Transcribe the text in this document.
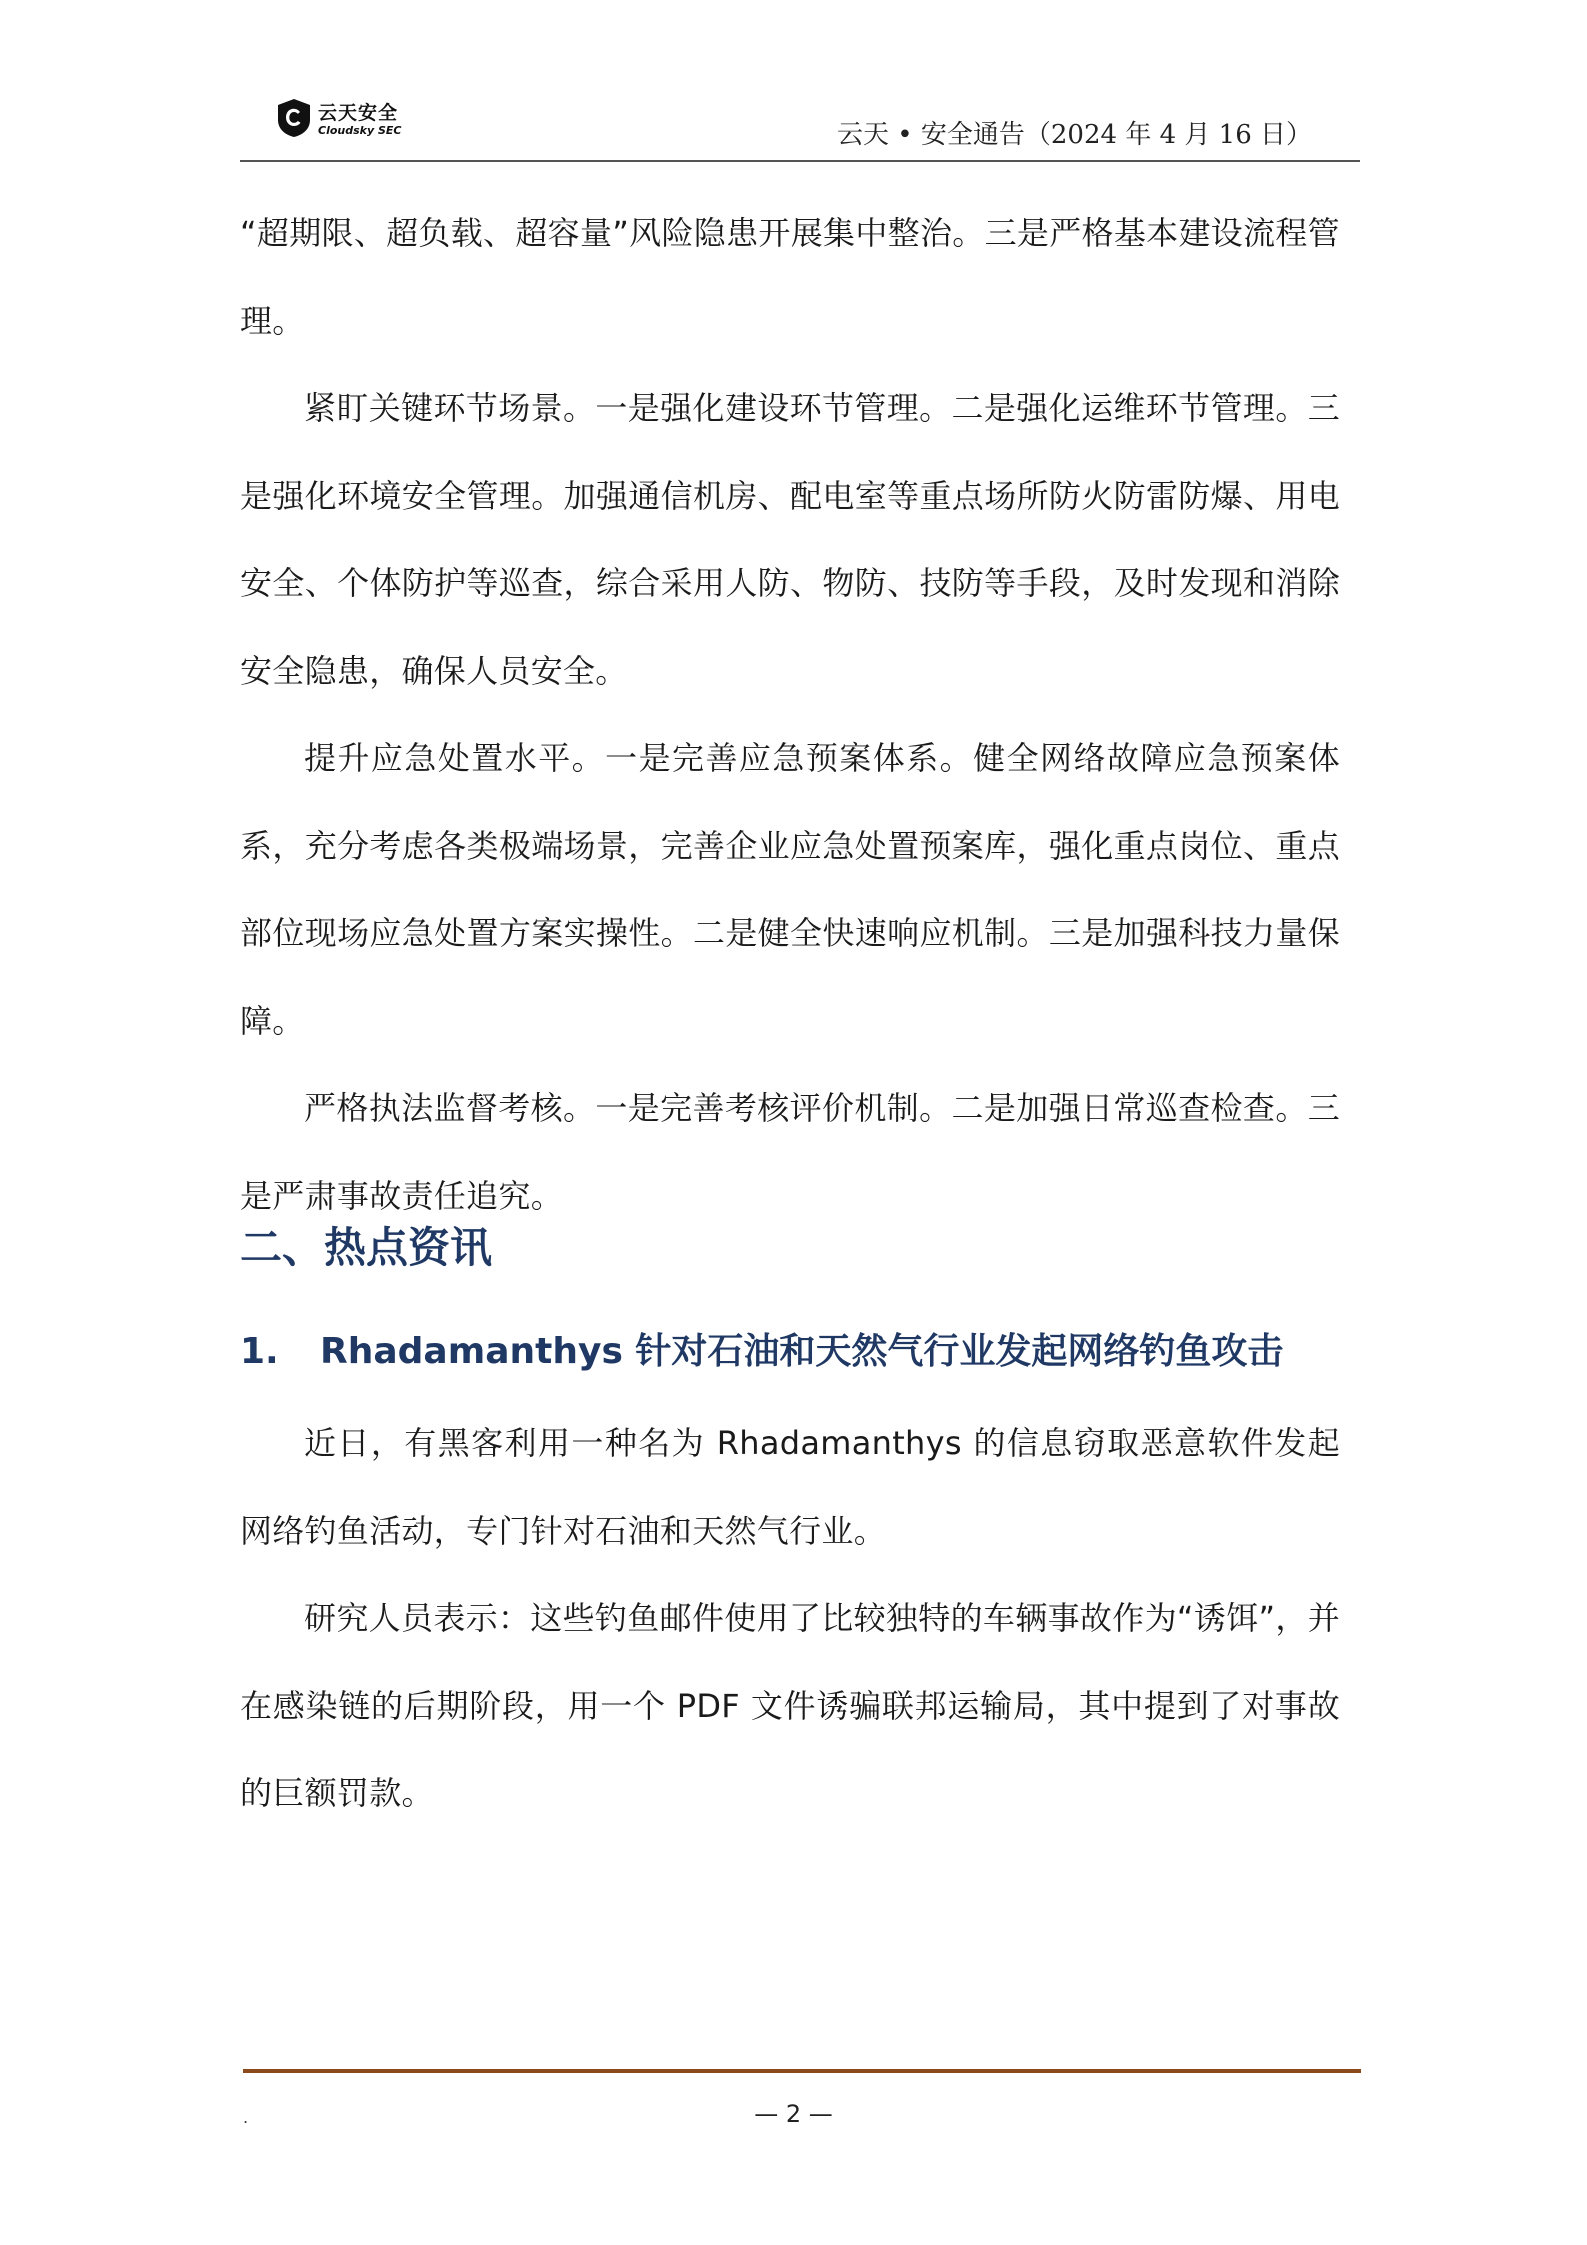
云天安全
Cloudsky SEC	云天 • 安全通告（2024 年 4 月 16 日）

“超期限、超负载、超容量”风险隐患开展集中整治。三是严格基本建设流程管理。

紧盯关键环节场景。一是强化建设环节管理。二是强化运维环节管理。三是强化环境安全管理。加强通信机房、配电室等重点场所防火防雷防爆、用电安全、个体防护等巡查，综合采用人防、物防、技防等手段，及时发现和消除安全隐患，确保人员安全。

提升应急处置水平。一是完善应急预案体系。健全网络故障应急预案体系，充分考虑各类极端场景，完善企业应急处置预案库，强化重点岗位、重点部位现场应急处置方案实操性。二是健全快速响应机制。三是加强科技力量保障。

严格执法监督考核。一是完善考核评价机制。二是加强日常巡查检查。三是严肃事故责任追究。

二、热点资讯
1. Rhadamanthys 针对石油和天然气行业发起网络钓鱼攻击

近日，有黑客利用一种名为 Rhadamanthys 的信息窃取恶意软件发起网络钓鱼活动，专门针对石油和天然气行业。

研究人员表示：这些钓鱼邮件使用了比较独特的车辆事故作为“诱饵”，并在感染链的后期阶段，用一个 PDF 文件诱骗联邦运输局，其中提到了对事故的巨额罚款。

.	— 2 —
